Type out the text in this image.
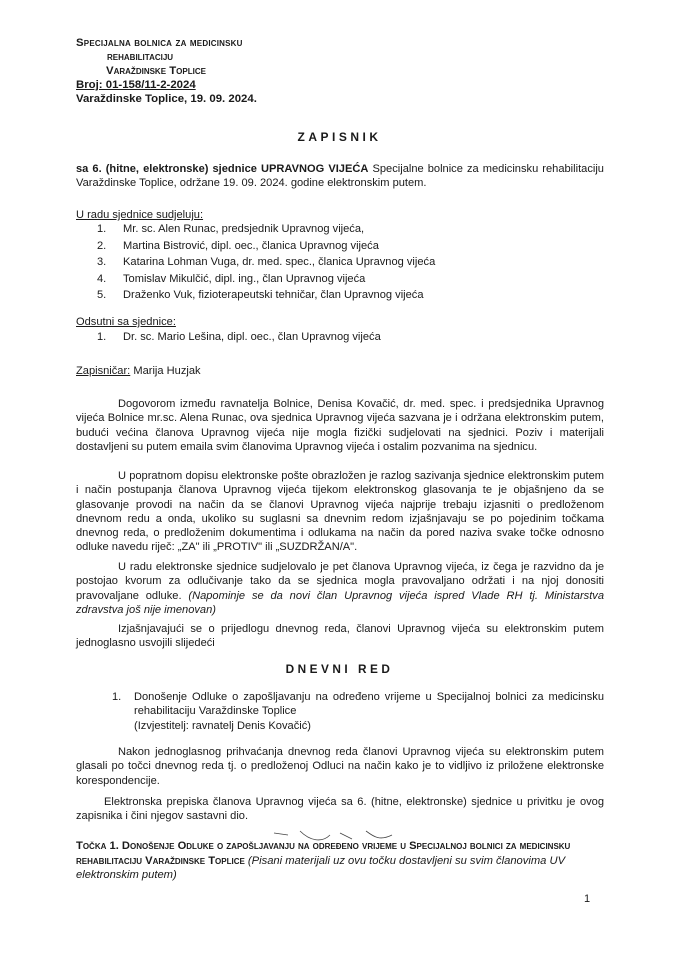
Specijalna bolnica za medicinsku
rehabilitaciju
Varaždinske Toplice
Broj: 01-158/11-2-2024
Varaždinske Toplice, 19. 09. 2024.
ZAPISNIK
sa 6. (hitne, elektronske) sjednice UPRAVNOG VIJEĆA Specijalne bolnice za medicinsku rehabilitaciju Varaždinske Toplice, održane 19. 09. 2024. godine elektronskim putem.
U radu sjednice sudjeluju:
1.	Mr. sc. Alen Runac, predsjednik Upravnog vijeća,
2.	Martina Bistrović, dipl. oec., članica Upravnog vijeća
3.	Katarina Lohman Vuga, dr. med. spec., članica Upravnog vijeća
4.	Tomislav Mikulčić, dipl. ing., član Upravnog vijeća
5.	Draženko Vuk, fizioterapeutski tehničar, član Upravnog vijeća
Odsutni sa sjednice:
1.	Dr. sc. Mario Lešina, dipl. oec., član Upravnog vijeća
Zapisničar: Marija Huzjak
Dogovorom između ravnatelja Bolnice, Denisa Kovačić, dr. med. spec. i predsjednika Upravnog vijeća Bolnice mr.sc. Alena Runac, ova sjednica Upravnog vijeća sazvana je i održana elektronskim putem, budući većina članova Upravnog vijeća nije mogla fizički sudjelovati na sjednici. Poziv i materijali dostavljeni su putem emaila svim članovima Upravnog vijeća i ostalim pozvanima na sjednicu.
U popratnom dopisu elektronske pošte obrazložen je razlog sazivanja sjednice elektronskim putem i način postupanja članova Upravnog vijeća tijekom elektronskog glasovanja te je objašnjeno da se glasovanje provodi na način da se članovi Upravnog vijeća najprije trebaju izjasniti o predloženom dnevnom redu a onda, ukoliko su suglasni sa dnevnim redom izjašnjavaju se po pojedinim točkama dnevnog reda, o predloženim dokumentima i odlukama na način da pored naziva svake točke odnosno odluke navedu riječ: „ZA" ili „PROTIV" ili „SUZDRŽAN/A".
U radu elektronske sjednice sudjelovalo je pet članova Upravnog vijeća, iz čega je razvidno da je postojao kvorum za odlučivanje tako da se sjednica mogla pravovaljano održati i na njoj donositi pravovaljane odluke. (Napominje se da novi član Upravnog vijeća ispred Vlade RH tj. Ministarstva zdravstva još nije imenovan)
Izjašnjavajući se o prijedlogu dnevnog reda, članovi Upravnog vijeća su elektronskim putem jednoglasno usvojili slijedeći
DNEVNI RED
1.	Donošenje Odluke o zapošljavanju na određeno vrijeme u Specijalnoj bolnici za medicinsku rehabilitaciju Varaždinske Toplice
(Izvjestitelj: ravnatelj Denis Kovačić)
Nakon jednoglasnog prihvaćanja dnevnog reda članovi Upravnog vijeća su elektronskim putem glasali po točci dnevnog reda tj. o predloženoj Odluci na način kako je to vidljivo iz priložene elektronske korespondencije.
Elektronska prepiska članova Upravnog vijeća sa 6. (hitne, elektronske) sjednice u privitku je ovog zapisnika i čini njegov sastavni dio.
Točka 1. Donošenje Odluke o zapošljavanju na određeno vrijeme u Specijalnoj bolnici za medicinsku rehabilitaciju Varaždinske Toplice (Pisani materijali uz ovu točku dostavljeni su svim članovima UV elektronskim putem)
1
